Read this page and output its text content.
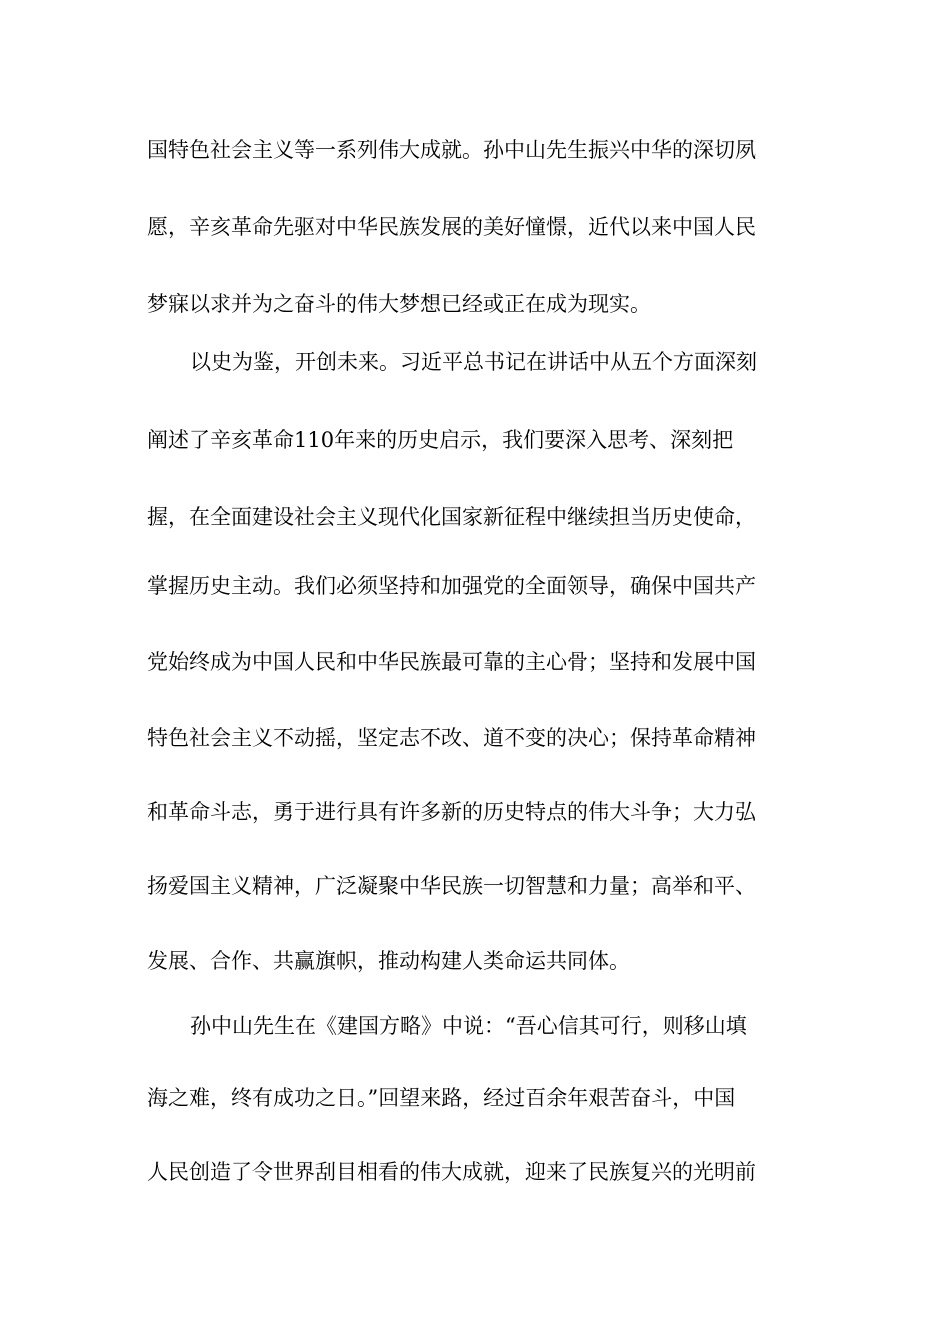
国特色社会主义等一系列伟大成就。孙中山先生振兴中华的深切夙
愿，辛亥革命先驱对中华民族发展的美好憧憬，近代以来中国人民
梦寐以求并为之奋斗的伟大梦想已经或正在成为现实。
以史为鉴，开创未来。习近平总书记在讲话中从五个方面深刻
阐述了辛亥革命110年来的历史启示，我们要深入思考、深刻把
握，在全面建设社会主义现代化国家新征程中继续担当历史使命，
掌握历史主动。我们必须坚持和加强党的全面领导，确保中国共产
党始终成为中国人民和中华民族最可靠的主心骨；坚持和发展中国
特色社会主义不动摇，坚定志不改、道不变的决心；保持革命精神
和革命斗志，勇于进行具有许多新的历史特点的伟大斗争；大力弘
扬爱国主义精神，广泛凝聚中华民族一切智慧和力量；高举和平、
发展、合作、共赢旗帜，推动构建人类命运共同体。
孙中山先生在《建国方略》中说：“吾心信其可行，则移山填
海之难，终有成功之日。”回望来路，经过百余年艰苦奋斗，中国
人民创造了令世界刮目相看的伟大成就，迎来了民族复兴的光明前
